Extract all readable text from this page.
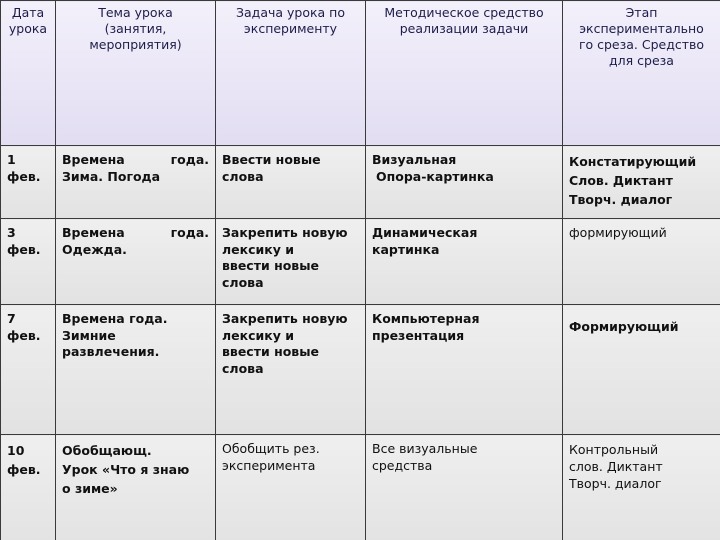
Дата
урока	Тема урока
(занятия,
мероприятия)	Задача урока по
эксперименту	Методическое средство
реализации задачи	Этап
экспериментально
го среза. Средство
для среза

1
фев.	Времена года.
Зима. Погода	Ввести новые
слова	Визуальная
Опора-картинка	Констатирующий
Слов. Диктант
Творч. диалог

3
фев.	Времена года.
Одежда.	Закрепить новую
лексику и
ввести новые
слова	Динамическая
картинка	формирующий

7
фев.	Времена года.
Зимние
развлечения.	Закрепить новую
лексику и
ввести новые
слова	Компьютерная
презентация	Формирующий

10
фев.	Обобщающ.
Урок «Что я знаю
о зиме»	Обобщить рез.
эксперимента	Все визуальные
средства	Контрольный
слов. Диктант
Творч. диалог
